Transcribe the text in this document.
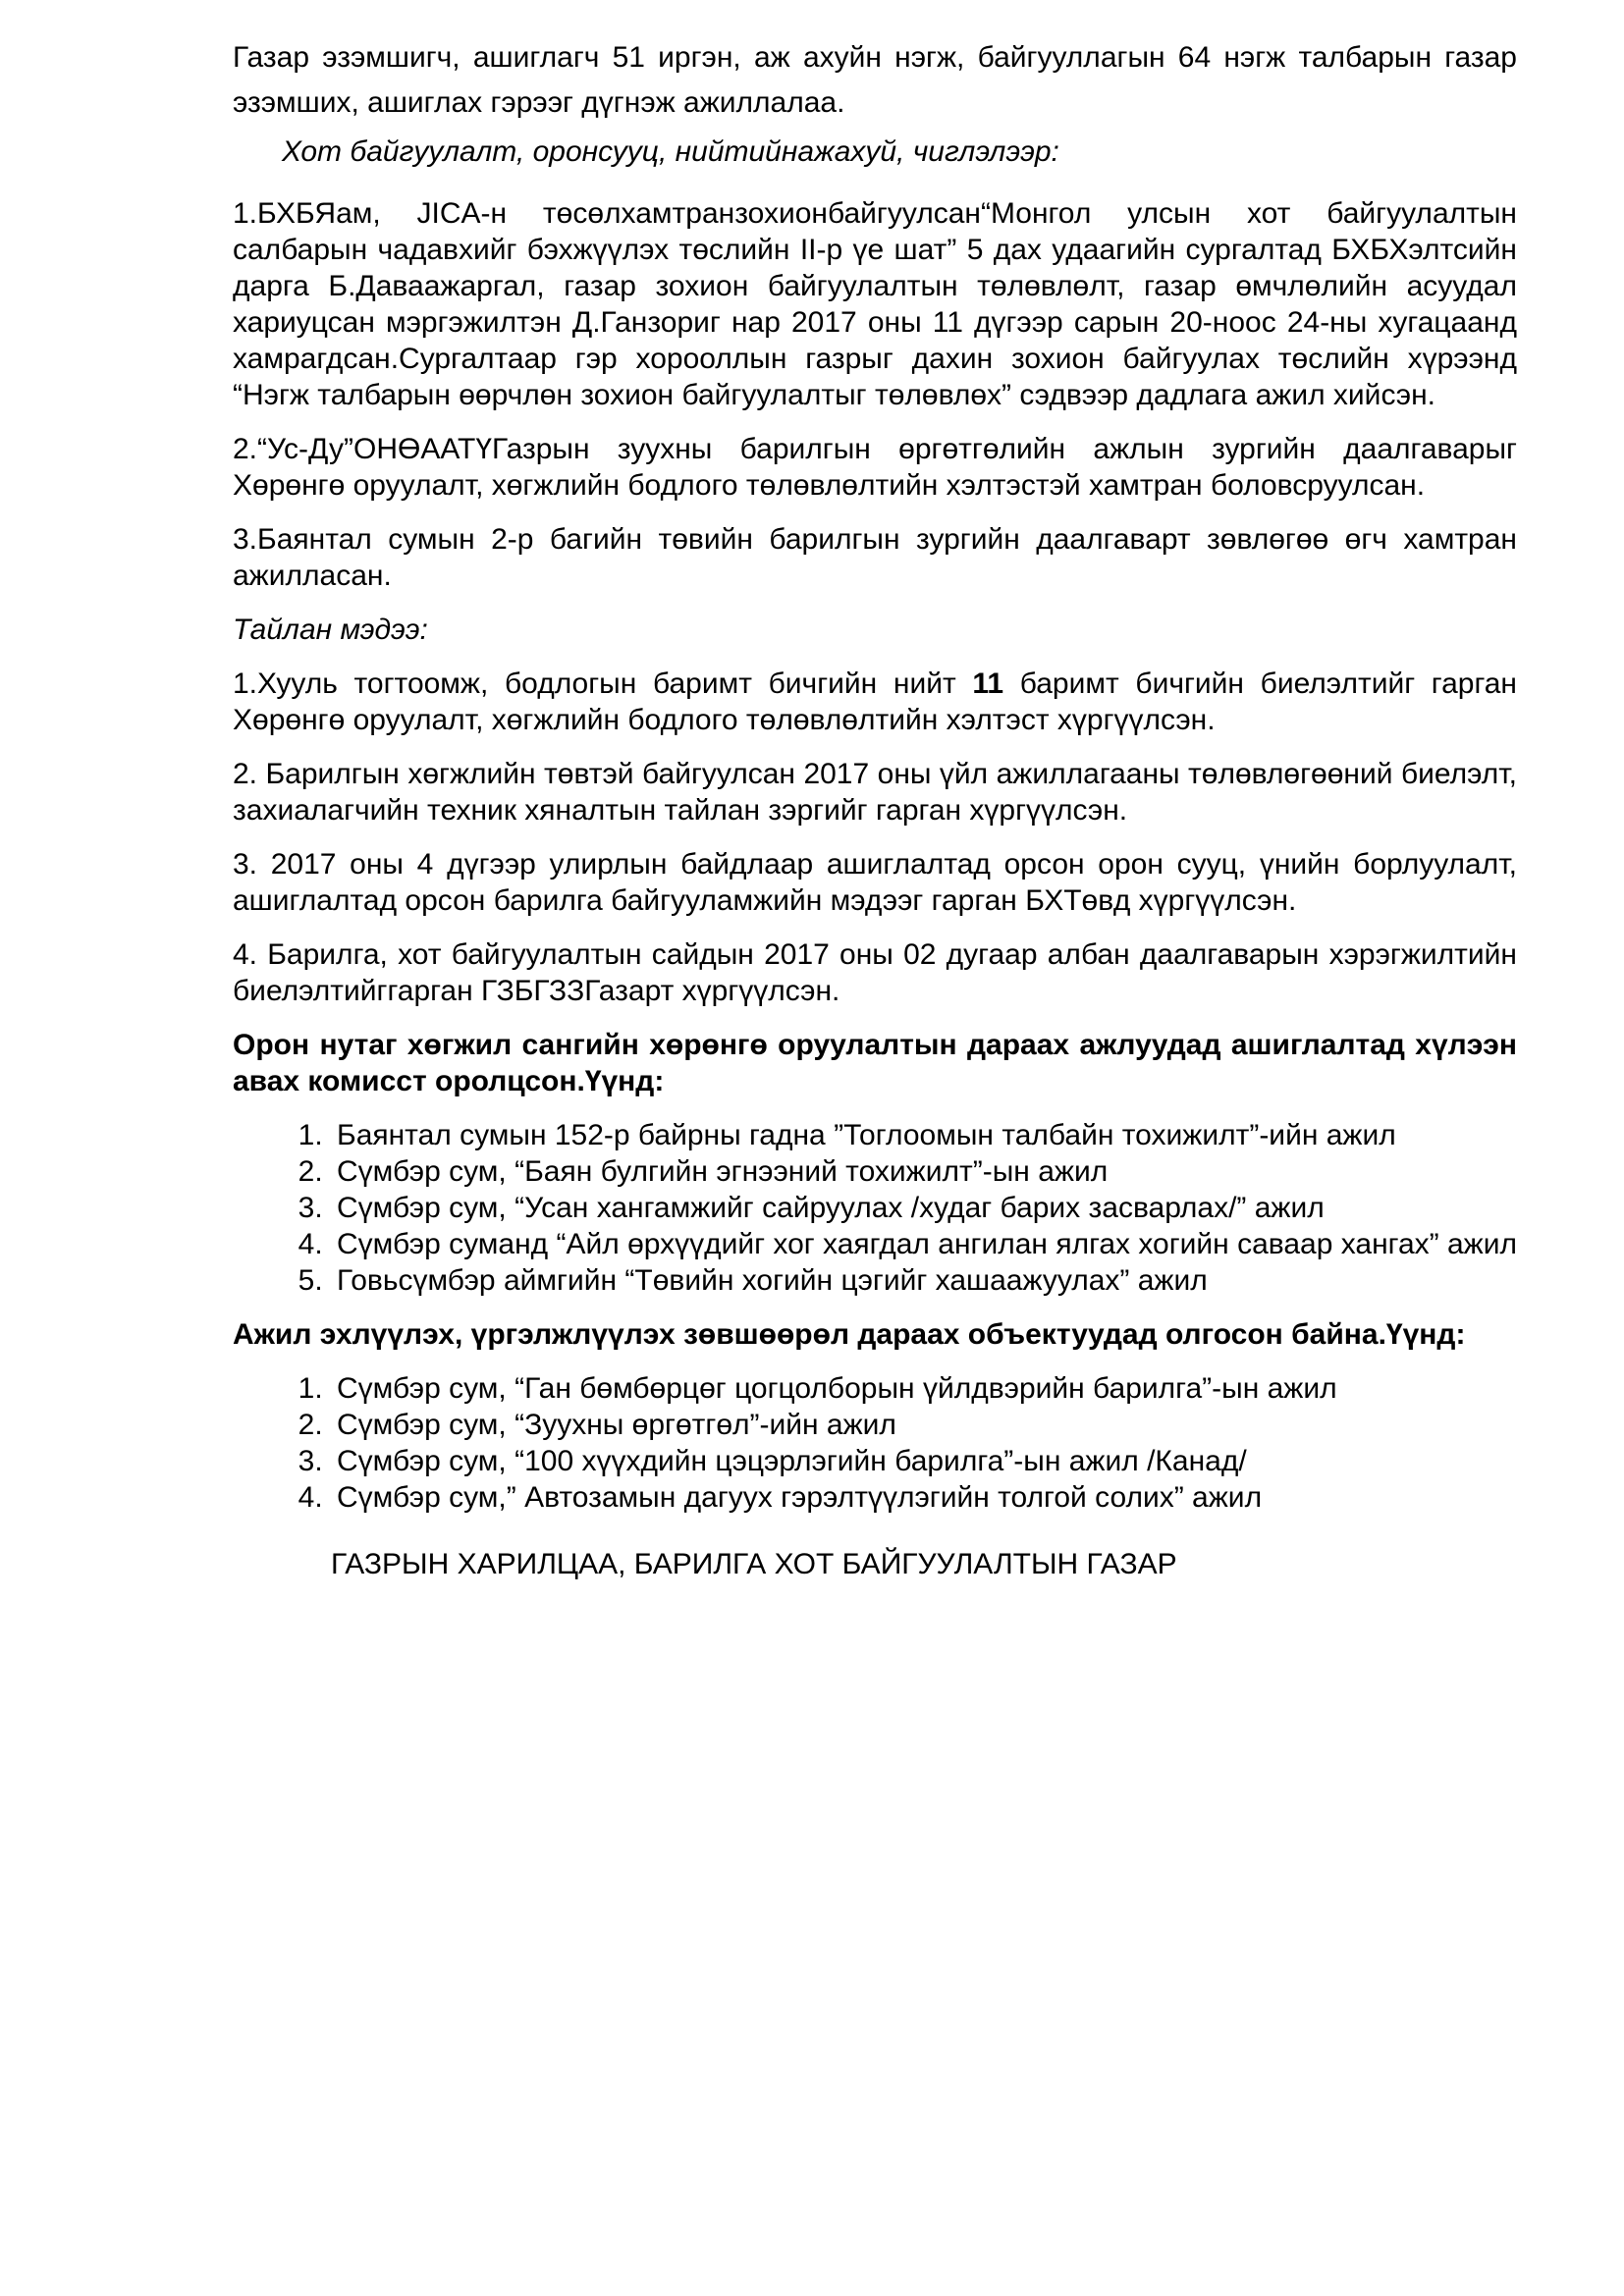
Газар эзэмшигч, ашиглагч 51 иргэн, аж ахуйн нэгж, байгууллагын 64 нэгж талбарын газар эзэмших, ашиглах гэрээг дүгнэж ажиллалаа.

Хот байгуулалт, оронсууц, нийтийнажахуй, чиглэлээр:

1.БХБЯам, JICA-н төсөлхамтранзохионбайгуулсан“Монгол улсын хот байгуулалтын салбарын чадавхийг бэхжүүлэх төслийн II-р үе шат” 5 дах удаагийн сургалтад БХБХэлтсийн дарга Б.Даваажаргал, газар зохион байгуулалтын төлөвлөлт, газар өмчлөлийн асуудал хариуцсан мэргэжилтэн Д.Ганзориг нар 2017 оны 11 дүгээр сарын 20-ноос 24-ны хугацаанд хамрагдсан.Сургалтаар гэр хорооллын газрыг дахин зохион байгуулах төслийн хүрээнд “Нэгж талбарын өөрчлөн зохион байгуулалтыг төлөвлөх” сэдвээр дадлага ажил хийсэн.

2.“Ус-Ду”ОНӨААТҮГазрын зуухны барилгын өргөтгөлийн ажлын зургийн даалгаварыг Хөрөнгө оруулалт, хөгжлийн бодлого төлөвлөлтийн хэлтэстэй хамтран боловсруулсан.

3.Баянтал сумын 2-р багийн төвийн барилгын зургийн даалгаварт зөвлөгөө өгч хамтран ажилласан.

Тайлан мэдээ:

1.Хууль тогтоомж, бодлогын баримт бичгийн нийт 11 баримт бичгийн биелэлтийг гарган Хөрөнгө оруулалт, хөгжлийн бодлого төлөвлөлтийн хэлтэст хүргүүлсэн.

2. Барилгын хөгжлийн төвтэй байгуулсан 2017 оны үйл ажиллагааны төлөвлөгөөний биелэлт, захиалагчийн техник хяналтын тайлан зэргийг гарган хүргүүлсэн.

3. 2017 оны 4 дүгээр улирлын байдлаар ашиглалтад орсон орон сууц, үнийн борлуулалт, ашиглалтад орсон барилга байгууламжийн мэдээг гарган БХТөвд хүргүүлсэн.

4. Барилга, хот байгуулалтын сайдын 2017 оны 02 дугаар албан даалгаварын хэрэгжилтийн биелэлтийггарган ГЗБГЗЗГазарт хүргүүлсэн.

Орон нутаг хөгжил сангийн хөрөнгө оруулалтын дараах ажлуудад ашиглалтад хүлээн авах комисст оролцсон.Үүнд:

1. Баянтал сумын 152-р байрны гадна ”Тоглоомын талбайн тохижилт”-ийн ажил
2. Сүмбэр сум, “Баян булгийн эгнээний тохижилт”-ын ажил
3. Сүмбэр сум, “Усан хангамжийг сайруулах /худаг барих засварлах/” ажил
4. Сүмбэр суманд “Айл өрхүүдийг хог хаягдал ангилан ялгах хогийн саваар хангах” ажил
5. Говьсүмбэр аймгийн “Төвийн хогийн цэгийг хашаажуулах” ажил

Ажил эхлүүлэх, үргэлжлүүлэх зөвшөөрөл дараах объектуудад олгосон байна.Үүнд:

1. Сүмбэр сум, “Ган бөмбөрцөг цогцолборын үйлдвэрийн барилга”-ын ажил
2. Сүмбэр сум, “Зуухны өргөтгөл”-ийн ажил
3. Сүмбэр сум, “100 хүүхдийн цэцэрлэгийн барилга”-ын ажил /Канад/
4. Сүмбэр сум,” Автозамын дагуух гэрэлтүүлэгийн толгой солих” ажил

ГАЗРЫН ХАРИЛЦАА, БАРИЛГА ХОТ БАЙГУУЛАЛТЫН ГАЗАР
